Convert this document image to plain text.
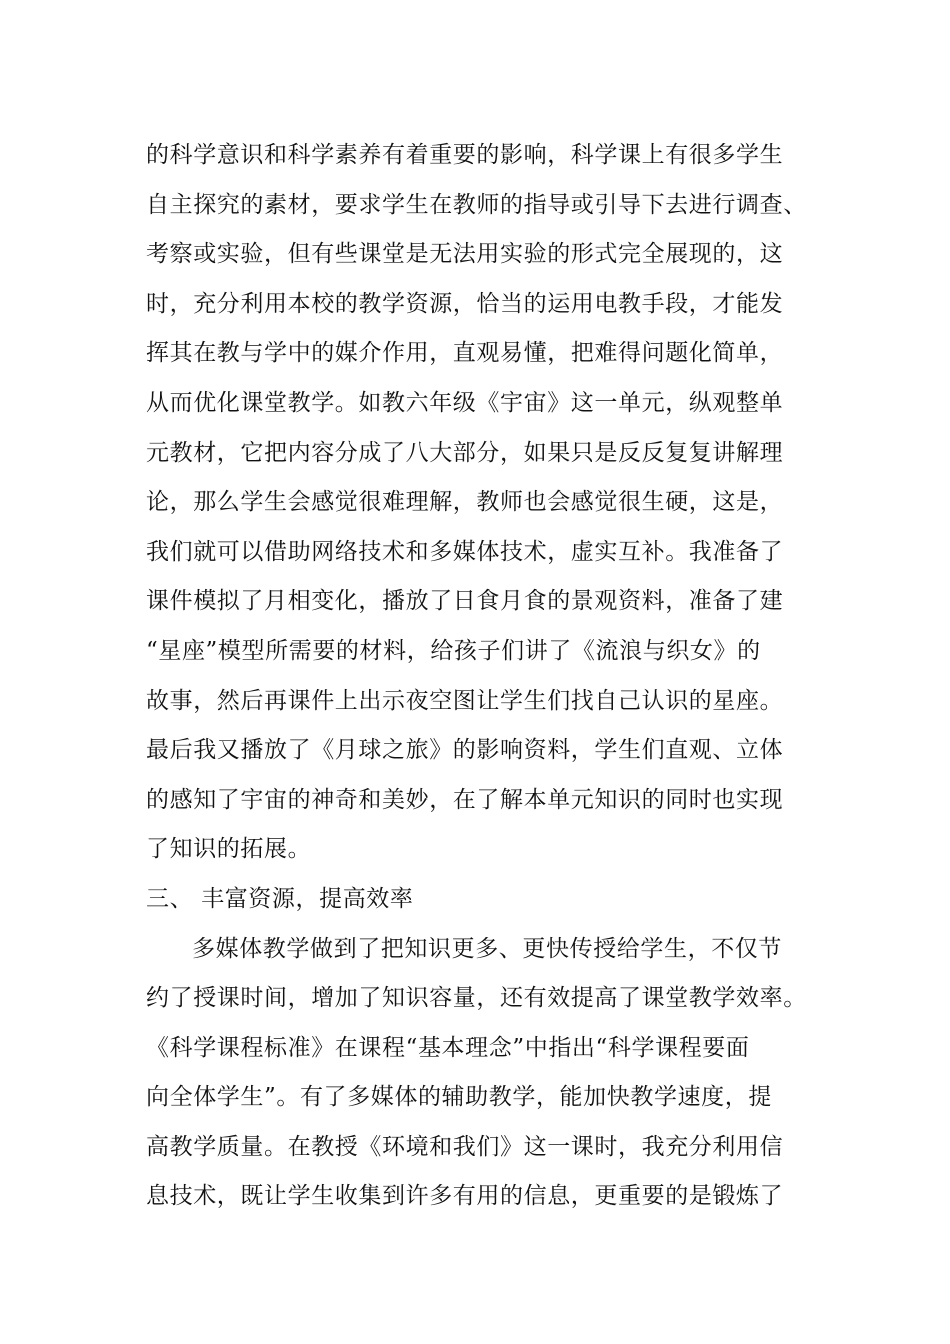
的科学意识和科学素养有着重要的影响，科学课上有很多学生
自主探究的素材，要求学生在教师的指导或引导下去进行调查、
考察或实验，但有些课堂是无法用实验的形式完全展现的，这
时，充分利用本校的教学资源，恰当的运用电教手段，才能发
挥其在教与学中的媒介作用，直观易懂，把难得问题化简单，
从而优化课堂教学。如教六年级《宇宙》这一单元，纵观整单
元教材，它把内容分成了八大部分，如果只是反反复复讲解理
论，那么学生会感觉很难理解，教师也会感觉很生硬，这是，
我们就可以借助网络技术和多媒体技术，虚实互补。我准备了
课件模拟了月相变化，播放了日食月食的景观资料，准备了建
“星座”模型所需要的材料，给孩子们讲了《流浪与织女》的
故事，然后再课件上出示夜空图让学生们找自己认识的星座。
最后我又播放了《月球之旅》的影响资料，学生们直观、立体
的感知了宇宙的神奇和美妙，在了解本单元知识的同时也实现
了知识的拓展。
三、 丰富资源，提高效率
多媒体教学做到了把知识更多、更快传授给学生，不仅节
约了授课时间，增加了知识容量，还有效提高了课堂教学效率。
《科学课程标准》在课程“基本理念”中指出“科学课程要面
向全体学生”。有了多媒体的辅助教学，能加快教学速度，提
高教学质量。在教授《环境和我们》这一课时，我充分利用信
息技术，既让学生收集到许多有用的信息，更重要的是锻炼了
